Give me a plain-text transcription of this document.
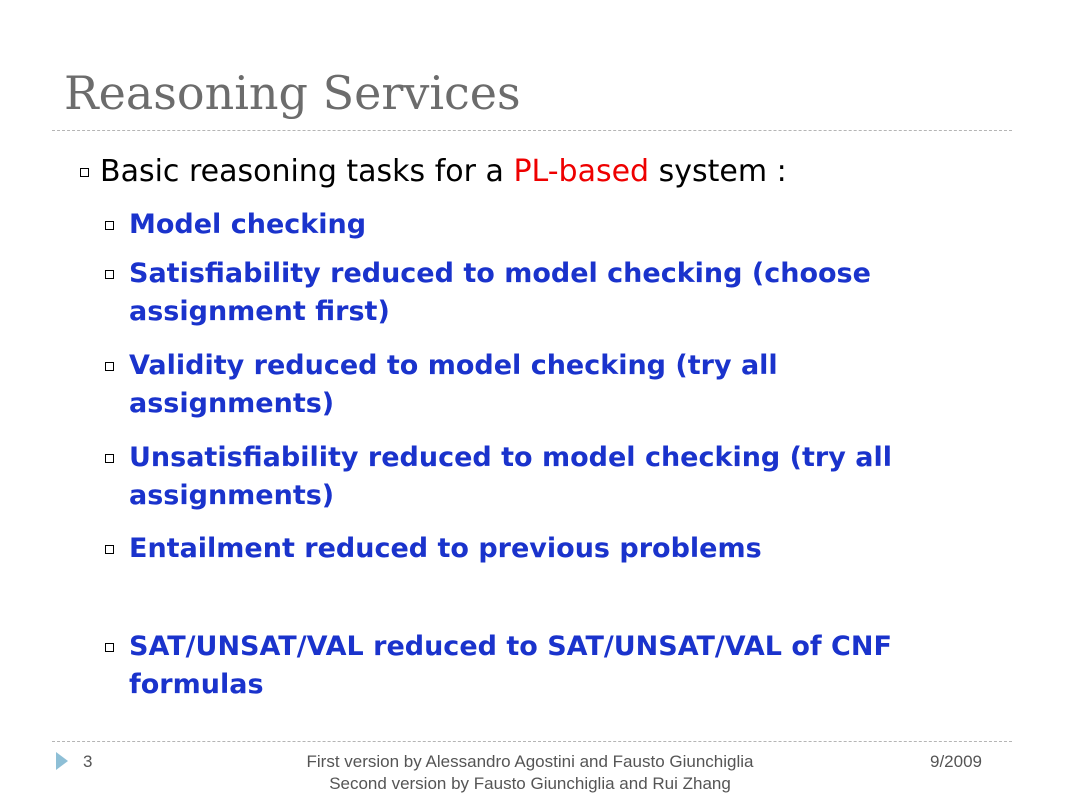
Reasoning Services
Basic reasoning tasks for a PL-based system :
Model checking
Satisfiability reduced to model checking (choose assignment first)
Validity reduced to model checking (try all assignments)
Unsatisfiability reduced to model checking (try all assignments)
Entailment reduced to previous problems
SAT/UNSAT/VAL reduced to SAT/UNSAT/VAL of CNF formulas
3	First version by Alessandro Agostini and Fausto Giunchiglia
Second version by Fausto Giunchiglia and Rui Zhang
9/2009
